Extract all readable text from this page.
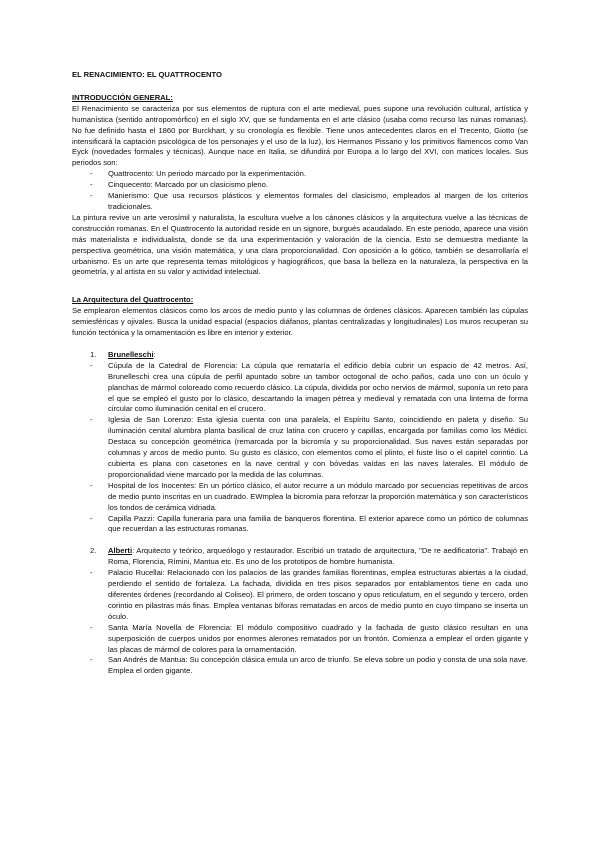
EL RENACIMIENTO: EL QUATTROCENTO
INTRODUCCIÓN GENERAL:

El Renacimiento se caracteriza por sus elementos de ruptura con el arte medieval, pues supone una revolución cultural, artística y humanística (sentido antropomórfico) en el siglo XV, que se fundamenta en el arte clásico (usaba como recurso las ruinas romanas). No fue definido hasta el 1860 por Burckhart, y su cronología es flexible. Tiene unos antecedentes claros en el Trecento, Giotto (se intensificará la captación psicológica de los personajes y el uso de la luz), los Hermanos Pissano y los primitivos flamencos como Van Eyck (novedades formales y técnicas). Aunque nace en Italia, se difundirá por Europa a lo largo del XVI, con matices locales. Sus periodos son:

- Quattrocento: Un periodo marcado por la experimentación.
- Cinquecento: Marcado por un clasicismo pleno.
- Manierismo: Que usa recursos plásticos y elementos formales del clasicismo, empleados al margen de los criterios tradicionales.

La pintura revive un arte verosímil y naturalista, la escultura vuelve a los cánones clásicos y la arquitectura vuelve a las técnicas de construcción romanas. En el Quattrocento la autoridad reside en un signore, burgués acaudalado. En este periodo, aparece una visión más materialista e individualista, donde se da una experimentación y valoración de la ciencia. Esto se demuestra mediante la perspectiva geométrica, una visión matemática, y una clara proporcionalidad. Con oposición a lo gótico, también se desarrollaría el urbanismo. Es un arte que representa temas mitológicos y hagiográficos, que basa la belleza en la naturaleza, la perspectiva en la geometría, y al artista en su valor y actividad intelectual.

La Arquitectura del Quattrocento:

Se emplearon elementos clásicos como los arcos de medio punto y las columnas de órdenes clásicos. Aparecen también las cúpulas semiesféricas y ojivales. Busca la unidad espacial (espacios diáfanos, plantas centralizadas y longitudinales) Los muros recuperan su función tectónica y la ornamentación es libre en interior y exterior.

1. Brunelleschi:
- Cúpula de la Catedral de Florencia: La cúpula que remataría el edificio debía cubrir un espacio de 42 metros. Así, Brunelleschi crea una cúpula de perfil apuntado sobre un tambor octogonal de ocho paños, cada uno con un óculo y planchas de mármol coloreado como recuerdo clásico. La cúpula, dividida por ocho nervios de mármol, suponía un reto para el que se empleó el gusto por lo clásico, descartando la imagen pétrea y medieval y rematada con una linterna de forma circular como iluminación cenital en el crucero.
- Iglesia de San Lorenzo: Esta iglesia cuenta con una paralela, el Espíritu Santo, coincidiendo en paleta y diseño. Su iluminación cenital alumbra planta basilical de cruz latina con crucero y capillas, encargada por familias como los Médici. Destaca su concepción geométrica (remarcada por la bicromía y su proporcionalidad. Sus naves están separadas por columnas y arcos de medio punto. Su gusto es clásico, con elementos como el plinto, el fuste liso o el capitel corintio. La cubierta es plana con casetones en la nave central y con bóvedas vaídas en las naves laterales. El módulo de proporcionalidad viene marcado por la medida de las columnas.
- Hospital de los Inocentes: En un pórtico clásico, el autor recurre a un módulo marcado por secuencias repetitivas de arcos de medio punto inscritas en un cuadrado. EWmplea la bicromía para reforzar la proporción matemática y son característicos los tondos de cerámica vidriada.
- Capilla Pazzi: Capilla funeraria para una familia de banqueros florentina. El exterior aparece como un pórtico de columnas que recuerdan a las estructuras romanas.
2. Alberti: Arquitecto y teórico, arqueólogo y restaurador. Escribió un tratado de arquitectura, "De re aedificatoria". Trabajó en Roma, Florencia, Rímini, Mantua etc. Es uno de los prototipos de hombre humanista.

- Palacio Rucellai: Relacionado con los palacios de las grandes familias florentinas, emplea estructuras abiertas a la ciudad, perdiendo el sentido de fortaleza. La fachada, dividida en tres pisos separados por entablamentos tiene en cada uno diferentes órdenes (recordando al Coliseo). El primero, de orden toscano y opus reticulatum, en el segundo y tercero, orden corintio en pilastras más finas. Emplea ventanas bíforas rematadas en arcos de medio punto en cuyo tímpano se inserta un óculo.
- Santa María Novella de Florencia: El módulo compositivo cuadrado y la fachada de gusto clásico resultan en una superposición de cuerpos unidos por enormes alerones rematados por un frontón. Comienza a emplear el orden gigante y las placas de mármol de colores para la ornamentación.
- San Andrés de Mantua: Su concepción clásica emula un arco de triunfo. Se eleva sobre un podio y consta de una sola nave. Emplea el orden gigante.
